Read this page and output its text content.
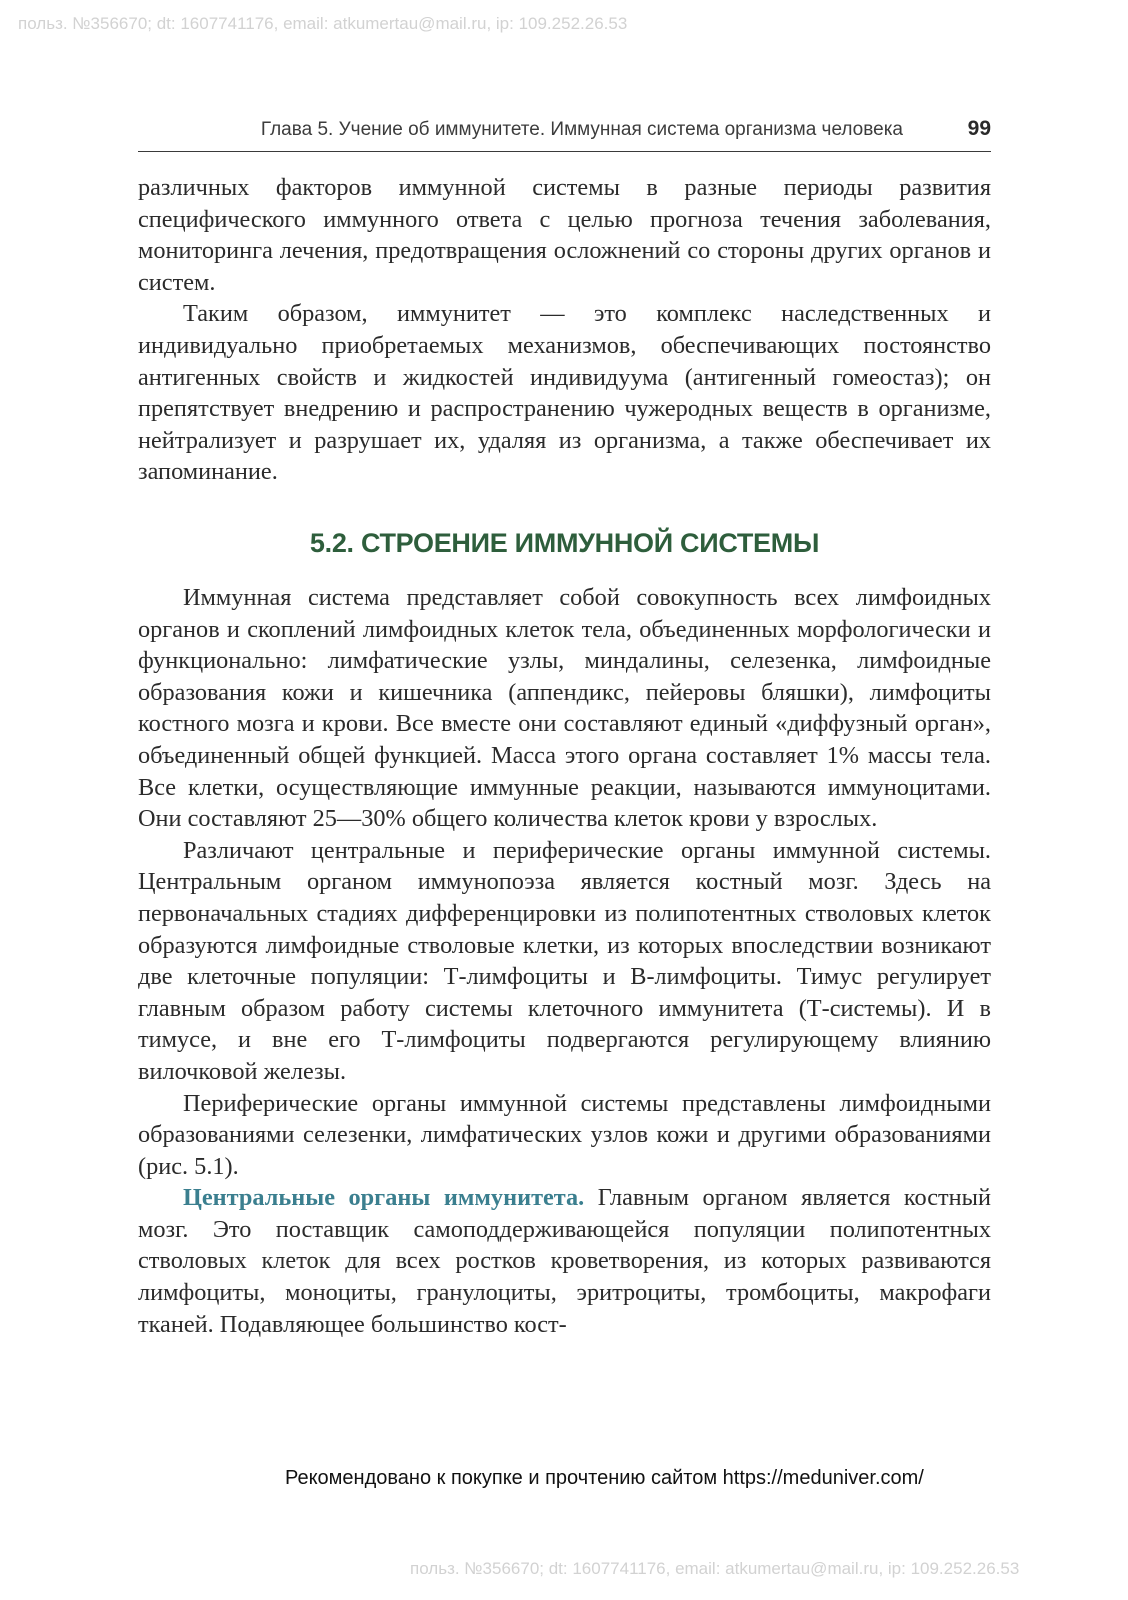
польз. №356670; dt: 1607741176, email: atkumertau@mail.ru, ip: 109.252.26.53
Глава 5. Учение об иммунитете. Иммунная система организма человека	99

различных факторов иммунной системы в разные периоды развития специфического иммунного ответа с целью прогноза течения заболевания, мониторинга лечения, предотвращения осложнений со стороны других органов и систем.

Таким образом, иммунитет — это комплекс наследственных и индивидуально приобретаемых механизмов, обеспечивающих постоянство антигенных свойств и жидкостей индивидуума (антигенный гомеостаз); он препятствует внедрению и распространению чужеродных веществ в организме, нейтрализует и разрушает их, удаляя из организма, а также обеспечивает их запоминание.

5.2. СТРОЕНИЕ ИММУННОЙ СИСТЕМЫ

Иммунная система представляет собой совокупность всех лимфоидных органов и скоплений лимфоидных клеток тела, объединенных морфологически и функционально: лимфатические узлы, миндалины, селезенка, лимфоидные образования кожи и кишечника (аппендикс, пейеровы бляшки), лимфоциты костного мозга и крови. Все вместе они составляют единый «диффузный орган», объединенный общей функцией. Масса этого органа составляет 1% массы тела. Все клетки, осуществляющие иммунные реакции, называются иммуноцитами. Они составляют 25—30% общего количества клеток крови у взрослых.

Различают центральные и периферические органы иммунной системы. Центральным органом иммунопоэза является костный мозг. Здесь на первоначальных стадиях дифференцировки из полипотентных стволовых клеток образуются лимфоидные стволовые клетки, из которых впоследствии возникают две клеточные популяции: Т-лимфоциты и В-лимфоциты. Тимус регулирует главным образом работу системы клеточного иммунитета (Т-системы). И в тимусе, и вне его Т-лимфоциты подвергаются регулирующему влиянию вилочковой железы.

Периферические органы иммунной системы представлены лимфоидными образованиями селезенки, лимфатических узлов кожи и другими образованиями (рис. 5.1).

Центральные органы иммунитета. Главным органом является костный мозг. Это поставщик самоподдерживающейся популяции полипотентных стволовых клеток для всех ростков кроветворения, из которых развиваются лимфоциты, моноциты, гранулоциты, эритроциты, тромбоциты, макрофаги тканей. Подавляющее большинство кост-

Рекомендовано к покупке и прочтению сайтом https://meduniver.com/
польз. №356670; dt: 1607741176, email: atkumertau@mail.ru, ip: 109.252.26.53
